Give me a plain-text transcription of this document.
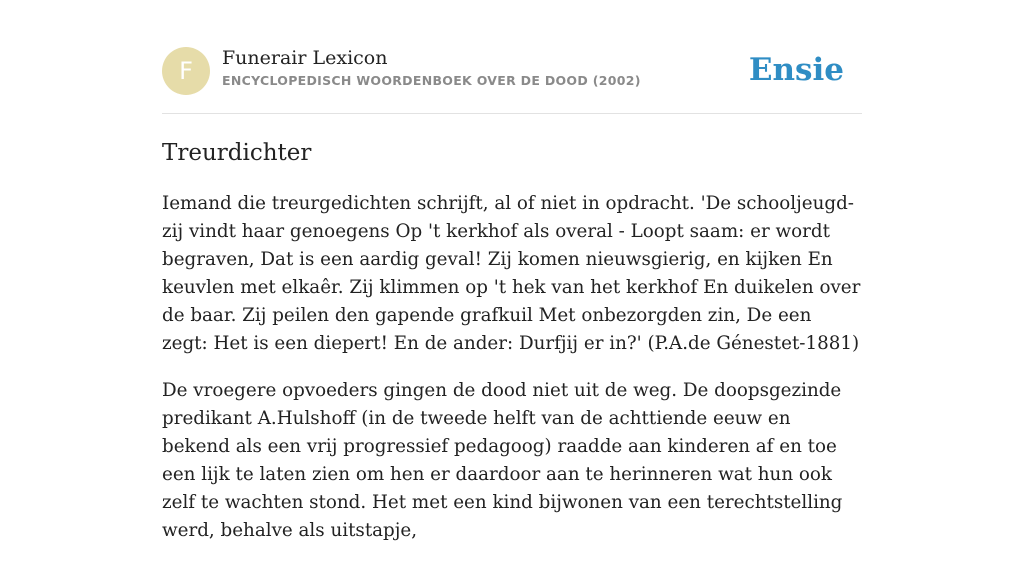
F	Funerair Lexicon
ENCYCLOPEDISCH WOORDENBOEK OVER DE DOOD (2002)	Ensie
Treurdichter

Iemand die treurgedichten schrijft, al of niet in opdracht. 'De schooljeugd- zij vindt haar genoegens Op 't kerkhof als overal - Loopt saam: er wordt begraven, Dat is een aardig geval! Zij komen nieuwsgierig, en kijken En keuvlen met elkaêr. Zij klimmen op 't hek van het kerkhof En duikelen over de baar. Zij peilen den gapende grafkuil Met onbezorgden zin, De een zegt: Het is een diepert! En de ander: Durfjij er in?' (P.A.de Génestet-1881)

De vroegere opvoeders gingen de dood niet uit de weg. De doopsgezinde predikant A.Hulshoff (in de tweede helft van de achttiende eeuw en bekend als een vrij progressief pedagoog) raadde aan kinderen af en toe een lijk te laten zien om hen er daardoor aan te herinneren wat hun ook zelf te wachten stond. Het met een kind bijwonen van een terechtstelling werd, behalve als uitstapje,
